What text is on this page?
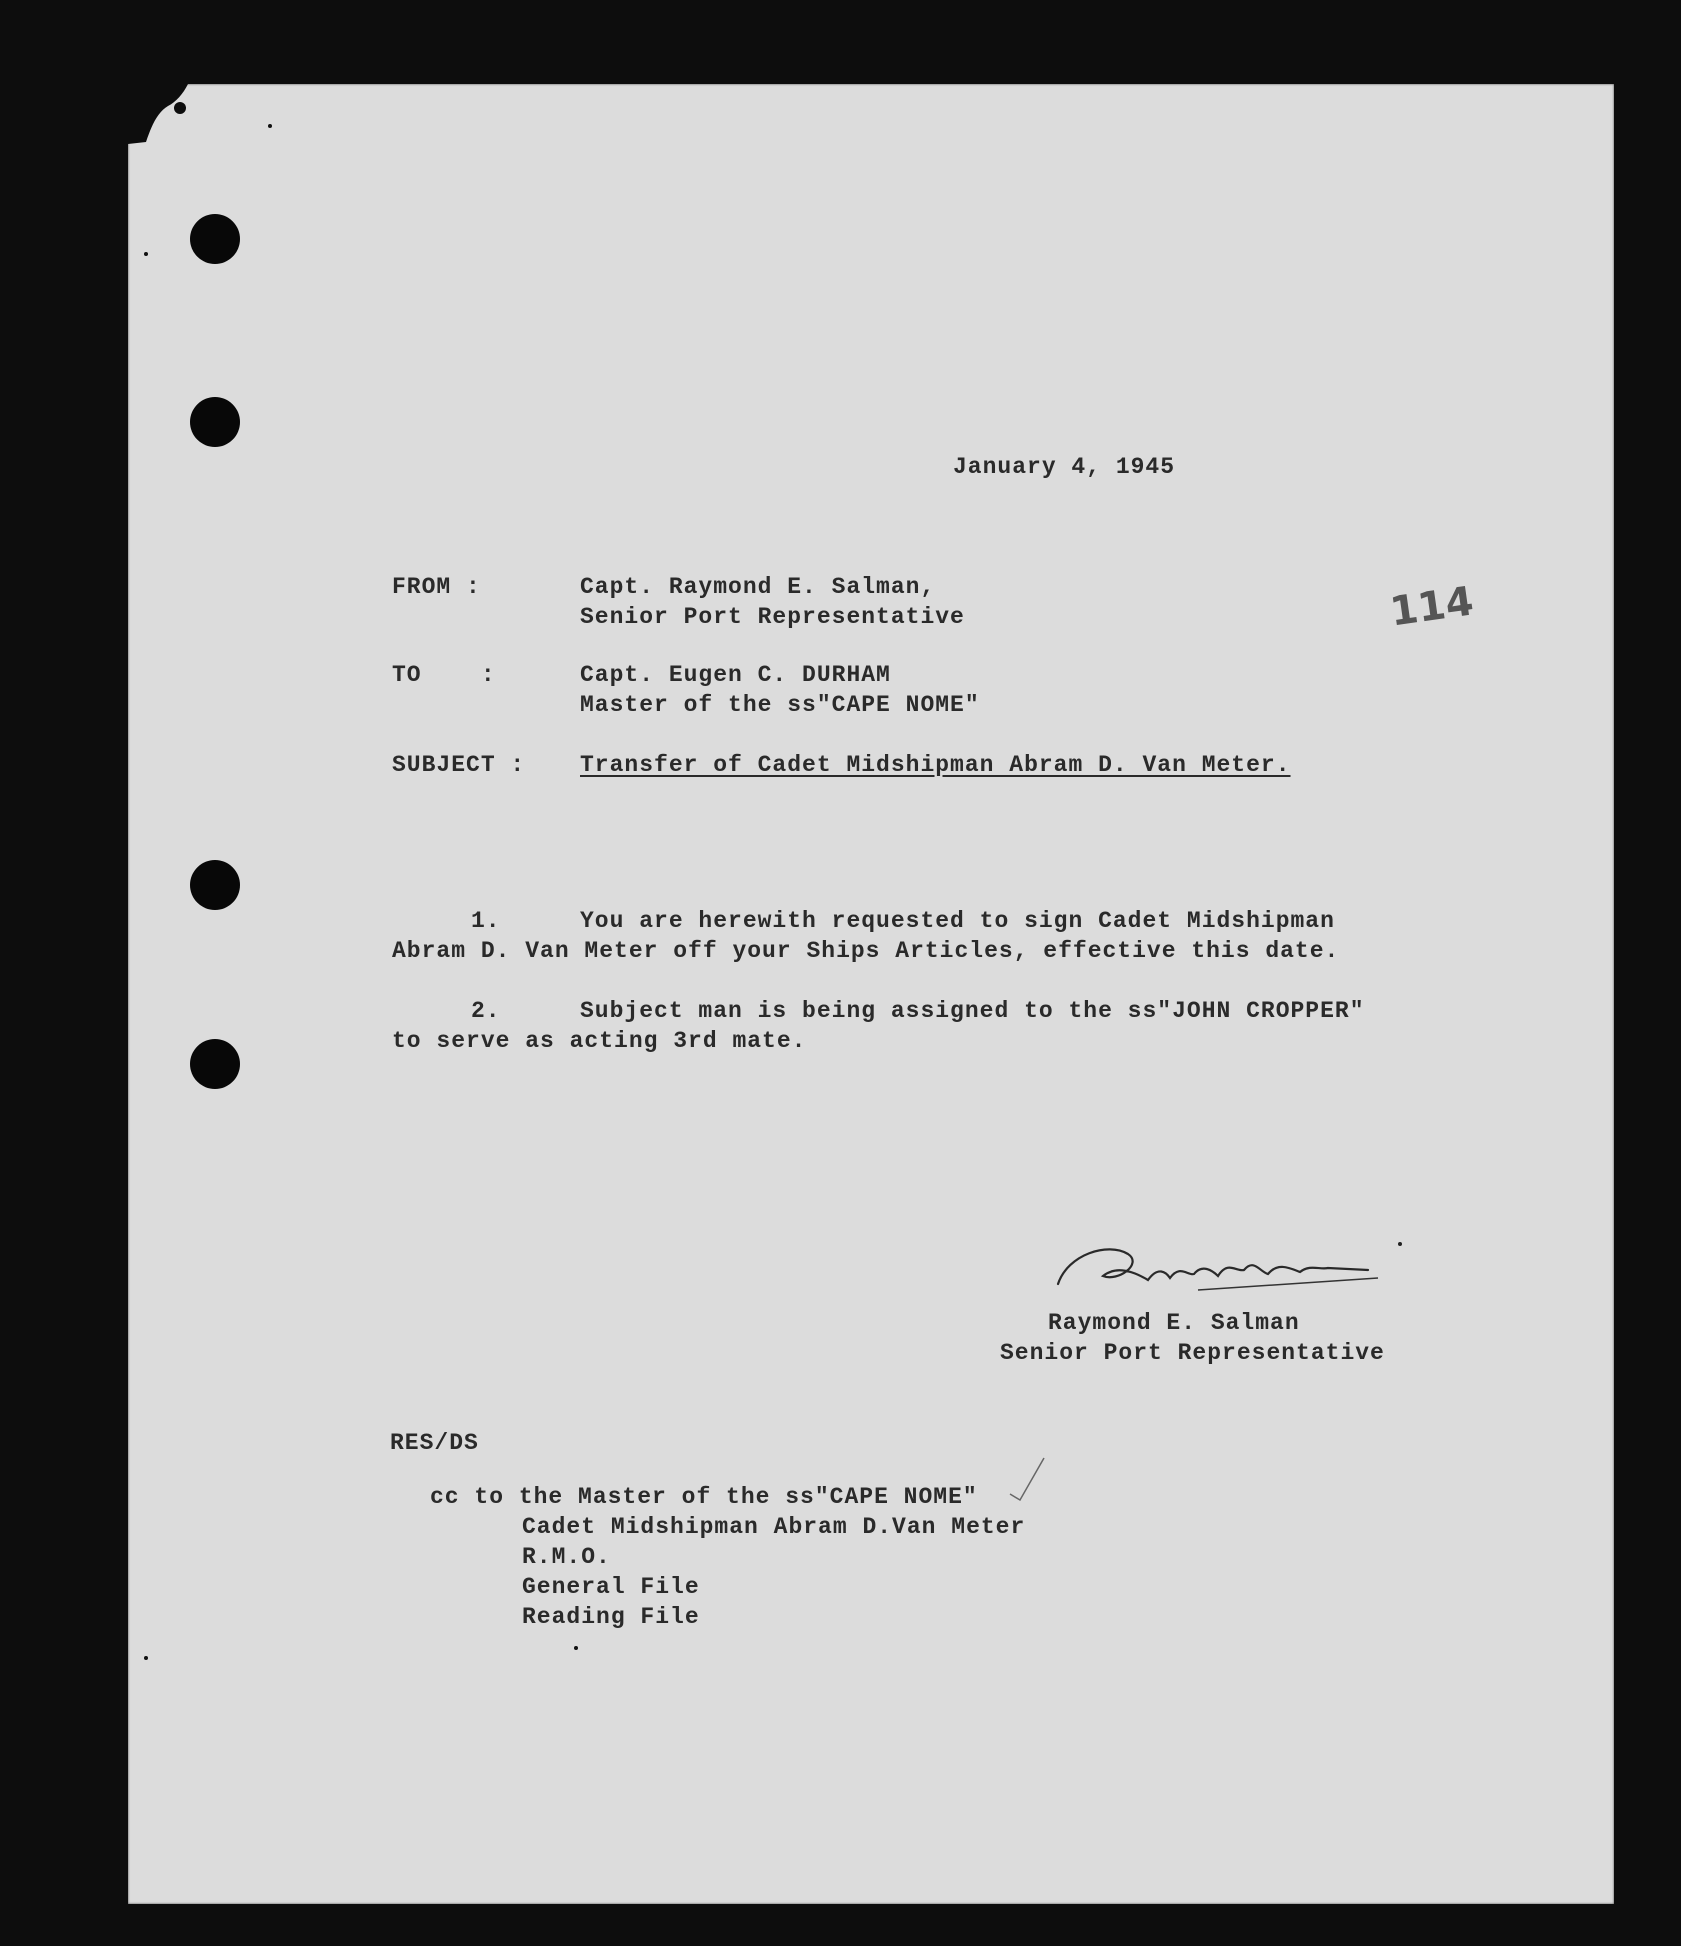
January 4, 1945
114
FROM :	Capt. Raymond E. Salman,
Senior Port Representative
TO    :	Capt. Eugen C. DURHAM
Master of the ss"CAPE NOME"
SUBJECT : Transfer of Cadet Midshipman Abram D. Van Meter.
1.	You are herewith requested to sign Cadet Midshipman
Abram D. Van Meter off your Ships Articles, effective this date.
2.	Subject man is being assigned to the ss"JOHN CROPPER"
to serve as acting 3rd mate.
Raymond E. Salman
Senior Port Representative
RES/DS
cc to the Master of the ss"CAPE NOME"
Cadet Midshipman Abram D.Van Meter
R.M.O.
General File
Reading File
